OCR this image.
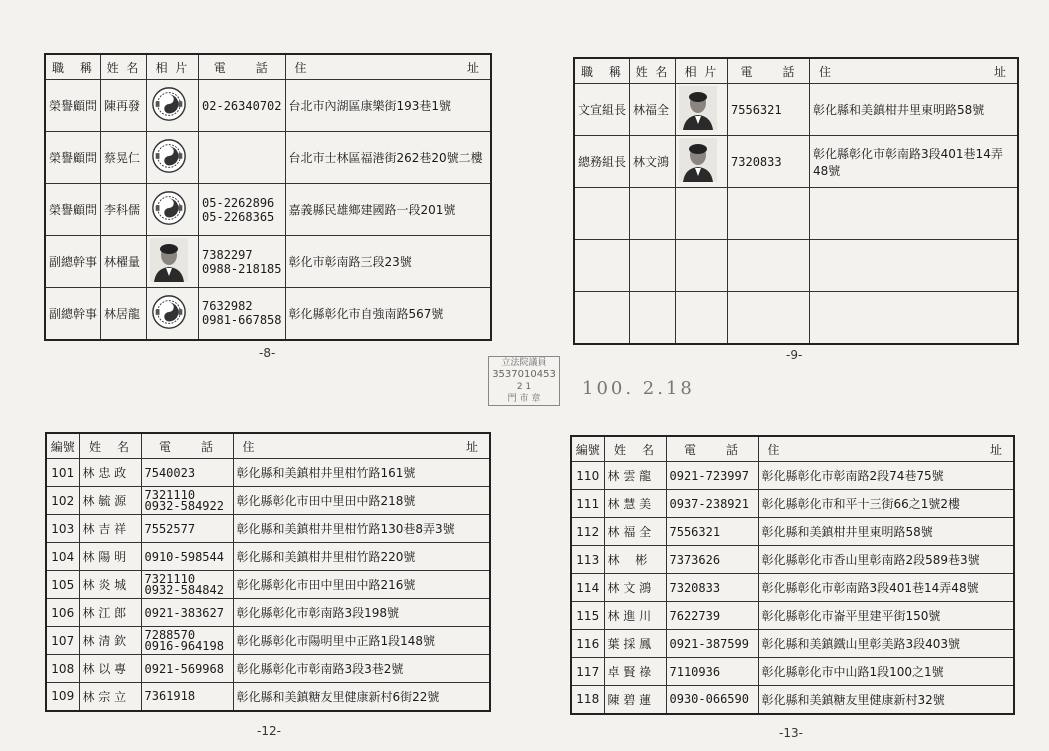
職　稱	姓 名	相 片	電　　話	住 址

榮譽顧問	陳再發		02-26340702	台北市內湖區康樂街193巷1號
榮譽顧問	蔡晃仁			台北市士林區福港街262巷20號二樓
榮譽顧問	李科儒		05-2262896
05-2268365	嘉義縣民雄鄉建國路一段201號
副總幹事	林櫂量		7382297
0988-218185	彰化市彰南路三段23號
副總幹事	林居龍		7632982
0981-667858	彰化縣彰化市自強南路567號
-8-
職　稱	姓 名	相 片	電　　話	住 址

文宣組長	林福全		7556321	彰化縣和美鎮柑井里東明路58號
總務組長	林文鴻		7320833	彰化縣彰化市彰南路3段401巷14弄48號

-9-
立法院議員
3537010453
2 1
門 市 章	100. 2.18
編號	姓　名	電　　話	住 址

101	林 忠 政	7540023	彰化縣和美鎮柑井里柑竹路161號
102	林 毓 源	7321110
0932-584922	彰化縣彰化市田中里田中路218號
103	林 吉 祥	7552577	彰化縣和美鎮柑井里柑竹路130巷8弄3號
104	林 陽 明	0910-598544	彰化縣和美鎮柑井里柑竹路220號
105	林 炎 城	7321110
0932-584842	彰化縣彰化市田中里田中路216號
106	林 江 郎	0921-383627	彰化縣彰化市彰南路3段198號
107	林 清 欽	7288570
0916-964198	彰化縣彰化市陽明里中正路1段148號
108	林 以 專	0921-569968	彰化縣彰化市彰南路3段3巷2號
109	林 宗 立	7361918	彰化縣和美鎮糖友里健康新村6街22號
-12-
編號	姓　名	電　　話	住 址

110	林 雲 龍	0921-723997	彰化縣彰化市彰南路2段74巷75號
111	林 慧 美	0937-238921	彰化縣彰化市和平十三街66之1號2樓
112	林 福 全	7556321	彰化縣和美鎮柑井里東明路58號
113	林　 彬	7373626	彰化縣彰化市香山里彰南路2段589巷3號
114	林 文 鴻	7320833	彰化縣彰化市彰南路3段401巷14弄48號
115	林 進 川	7622739	彰化縣彰化市崙平里建平街150號
116	葉 採 鳳	0921-387599	彰化縣和美鎮鐵山里彰美路3段403號
117	卓 賢 祿	7110936	彰化縣彰化市中山路1段100之1號
118	陳 碧 蓮	0930-066590	彰化縣和美鎮糖友里健康新村32號
-13-
